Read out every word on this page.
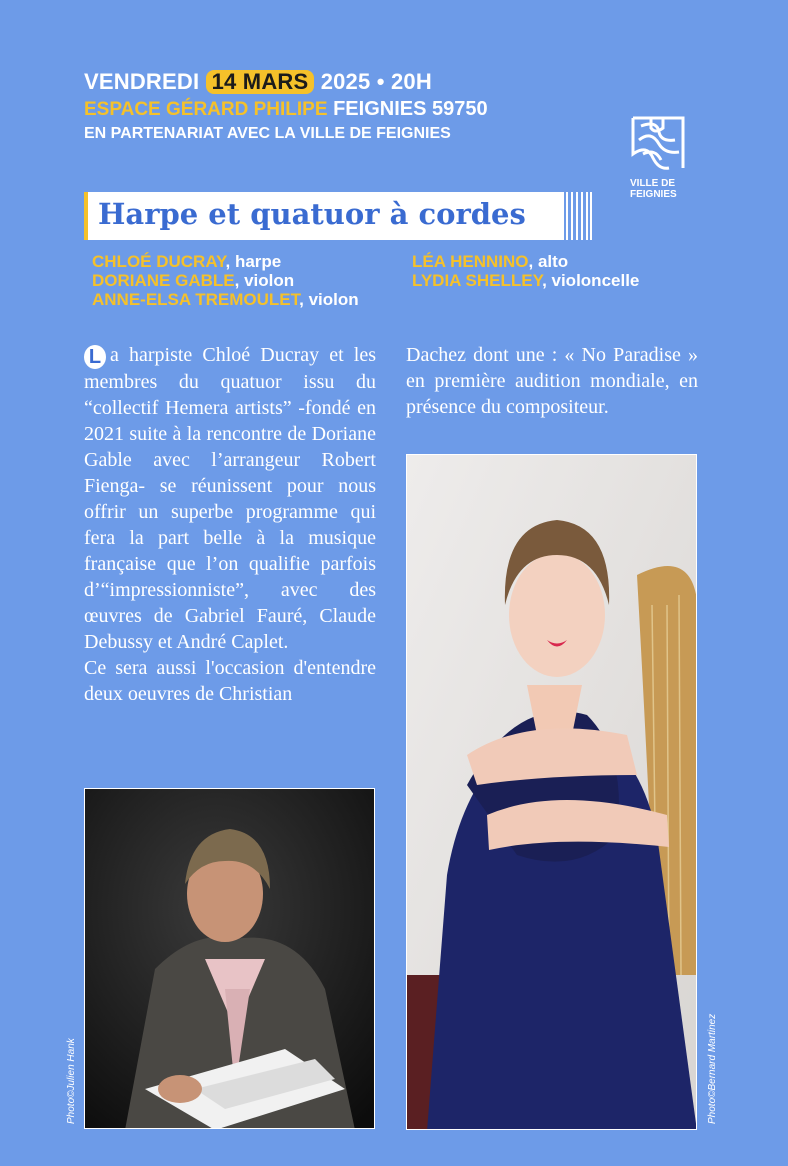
VENDREDI 14 MARS 2025 • 20H
ESPACE GÉRARD PHILIPE FEIGNIES 59750
EN PARTENARIAT AVEC LA VILLE DE FEIGNIES
VILLE DE
FEIGNIES
Harpe et quatuor à cordes
CHLOÉ DUCRAY, harpe
DORIANE GABLE, violon
ANNE-ELSA TREMOULET, violon
LÉA HENNINO, alto
LYDIA SHELLEY, violoncelle

L a harpiste Chloé Ducray et les membres du quatuor issu du “collectif Hemera artists” -fondé en 2021 suite à la rencontre de Doriane Gable avec l’arrangeur Robert Fienga- se réunissent pour nous offrir un superbe programme qui fera la part belle à la musique française que l’on qualifie parfois d’“impressionniste”, avec des œuvres de Gabriel Fauré, Claude Debussy et André Caplet.

Ce sera aussi l'occasion d'entendre deux oeuvres de Christian

Dachez dont une : « No Paradise » en première audition mondiale, en présence du compositeur.

Photo©Julien Hank	Photo©Bernard Martinez
